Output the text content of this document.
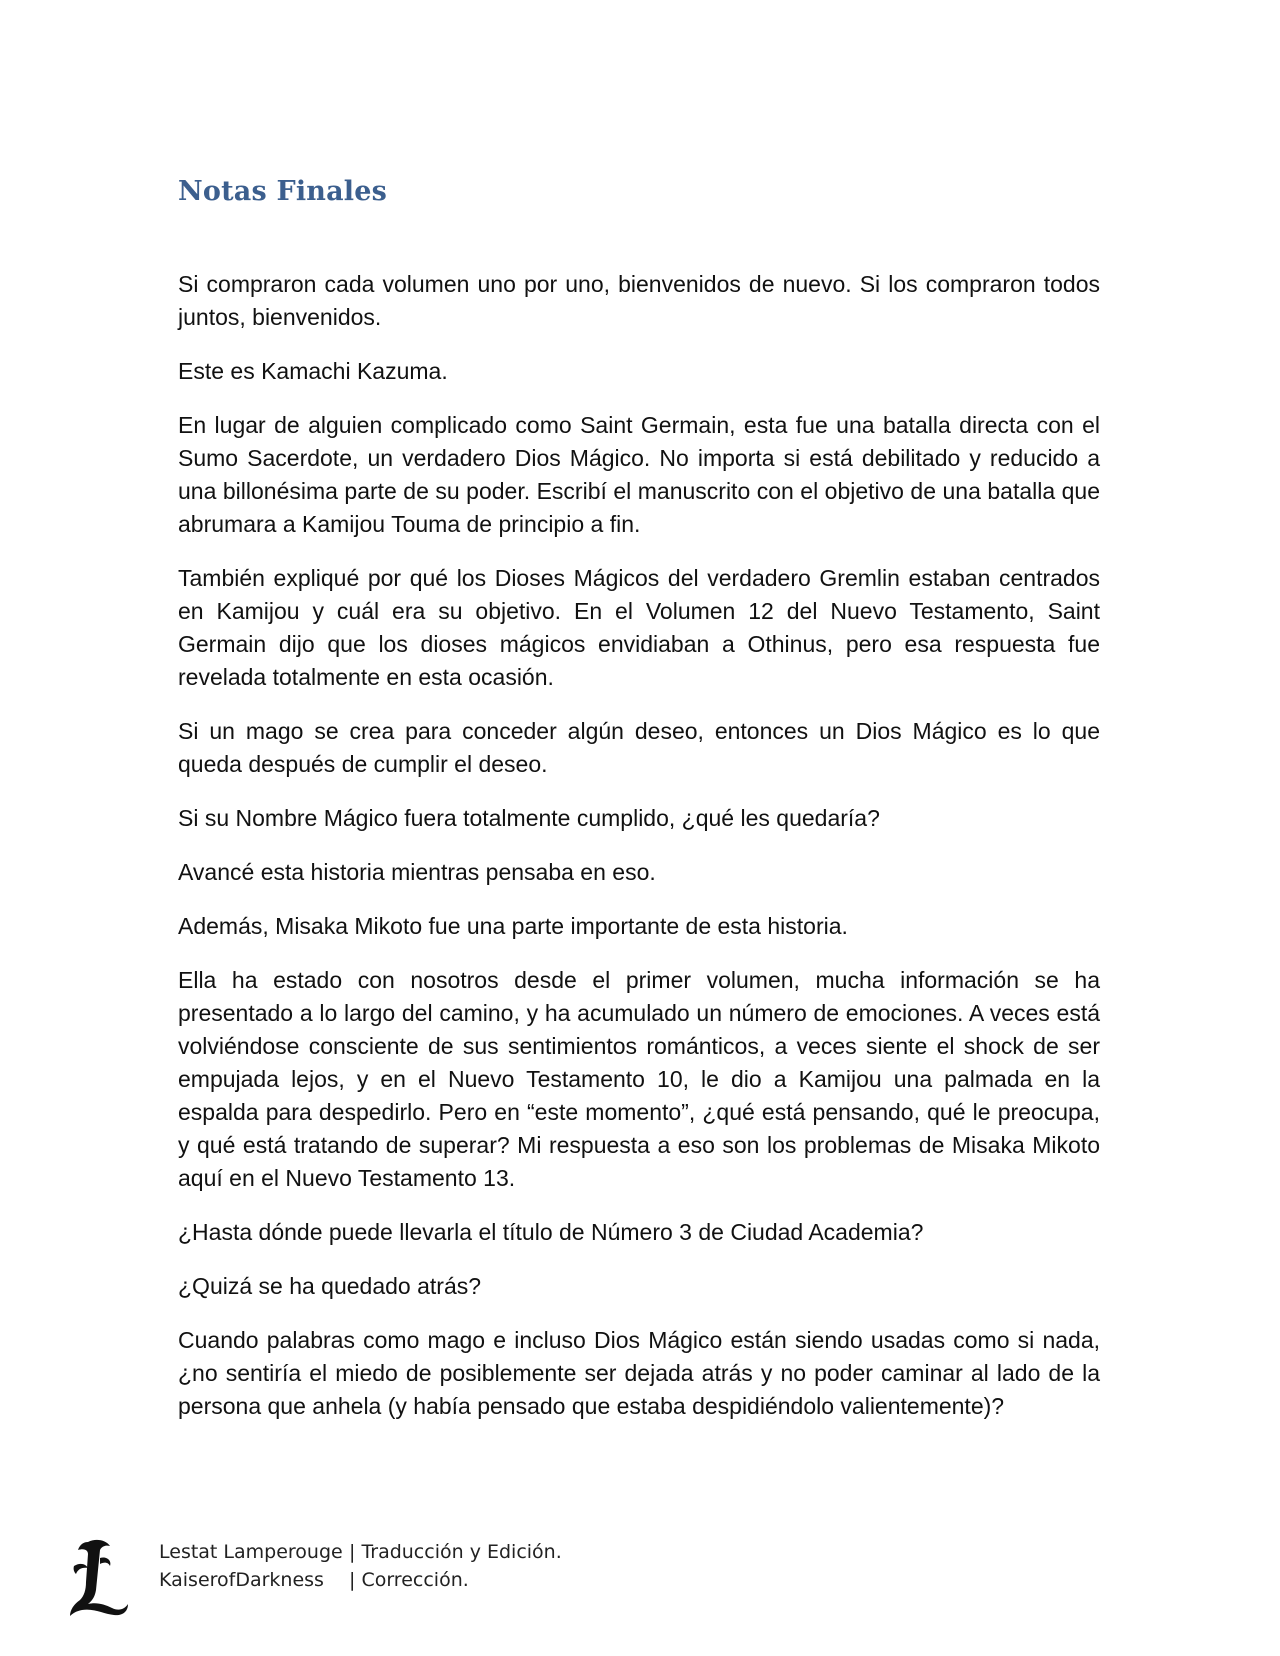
Notas Finales

Si compraron cada volumen uno por uno, bienvenidos de nuevo. Si los compraron todos juntos, bienvenidos.

Este es Kamachi Kazuma.

En lugar de alguien complicado como Saint Germain, esta fue una batalla directa con el Sumo Sacerdote, un verdadero Dios Mágico. No importa si está debilitado y reducido a una billonésima parte de su poder. Escribí el manuscrito con el objetivo de una batalla que abrumara a Kamijou Touma de principio a fin.

También expliqué por qué los Dioses Mágicos del verdadero Gremlin estaban centrados en Kamijou y cuál era su objetivo. En el Volumen 12 del Nuevo Testamento, Saint Germain dijo que los dioses mágicos envidiaban a Othinus, pero esa respuesta fue revelada totalmente en esta ocasión.

Si un mago se crea para conceder algún deseo, entonces un Dios Mágico es lo que queda después de cumplir el deseo.

Si su Nombre Mágico fuera totalmente cumplido, ¿qué les quedaría?

Avancé esta historia mientras pensaba en eso.

Además, Misaka Mikoto fue una parte importante de esta historia.

Ella ha estado con nosotros desde el primer volumen, mucha información se ha presentado a lo largo del camino, y ha acumulado un número de emociones. A veces está volviéndose consciente de sus sentimientos románticos, a veces siente el shock de ser empujada lejos, y en el Nuevo Testamento 10, le dio a Kamijou una palmada en la espalda para despedirlo. Pero en “este momento”, ¿qué está pensando, qué le preocupa, y qué está tratando de superar? Mi respuesta a eso son los problemas de Misaka Mikoto aquí en el Nuevo Testamento 13.

¿Hasta dónde puede llevarla el título de Número 3 de Ciudad Academia?

¿Quizá se ha quedado atrás?

Cuando palabras como mago e incluso Dios Mágico están siendo usadas como si nada, ¿no sentiría el miedo de posiblemente ser dejada atrás y no poder caminar al lado de la persona que anhela (y había pensado que estaba despidiéndolo valientemente)?

Lestat Lamperouge | Traducción y Edición.
KaiserofDarkness | Corrección.
